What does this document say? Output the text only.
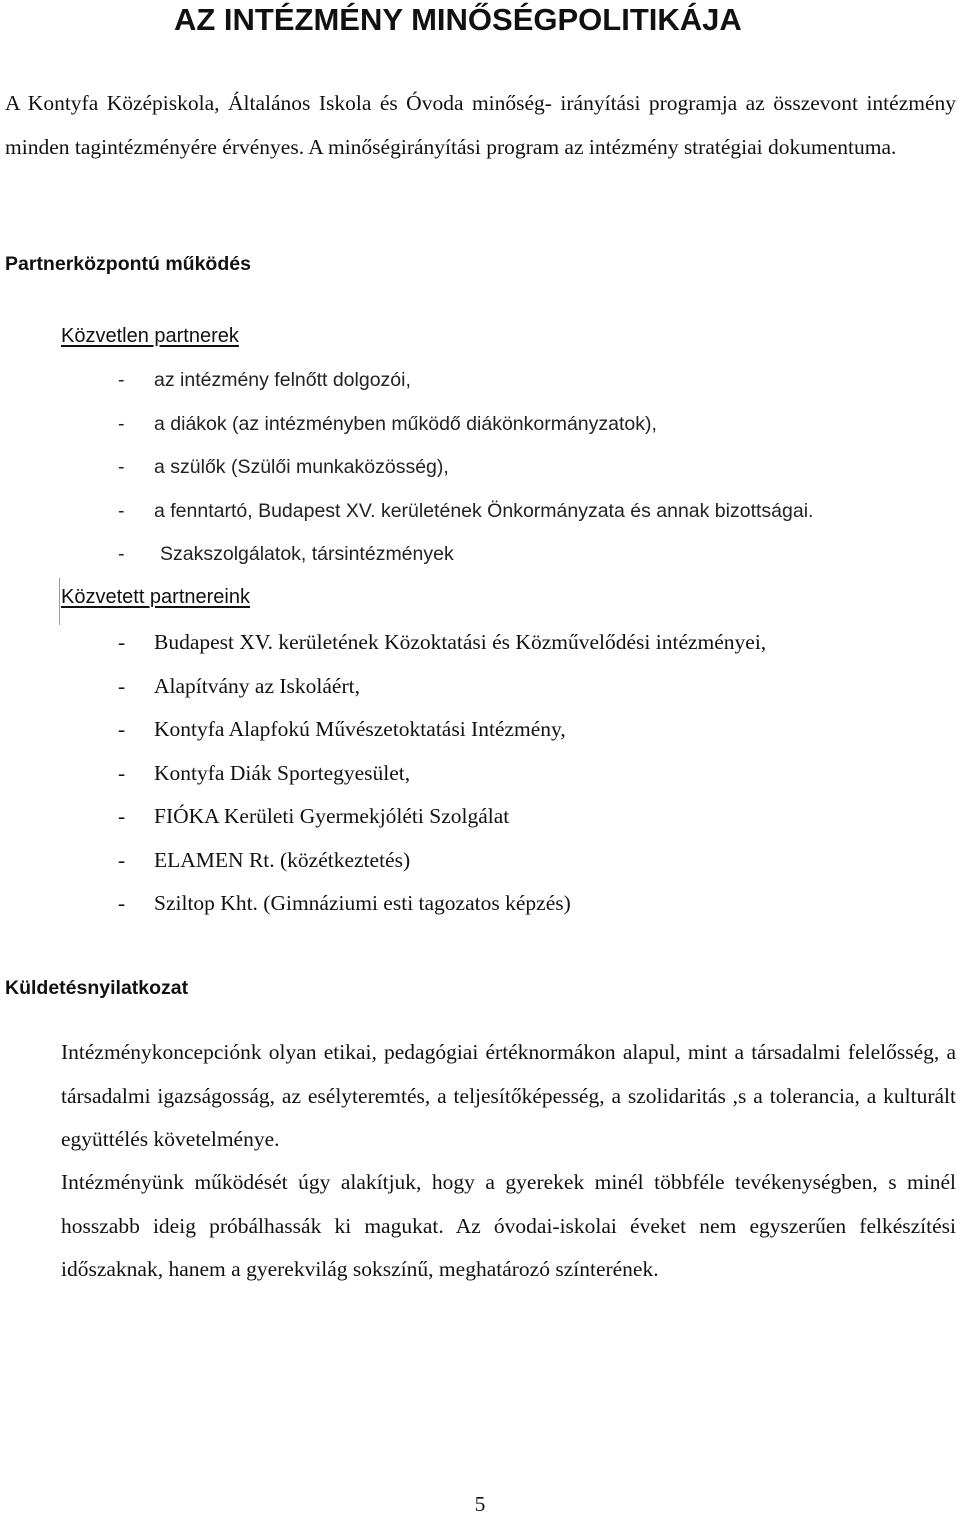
AZ INTÉZMÉNY MINŐSÉGPOLITIKÁJA

A Kontyfa Középiskola, Általános Iskola és Óvoda minőség- irányítási programja az összevont intézmény minden tagintézményére érvényes. A minőségirányítási program az intézmény stratégiai dokumentuma.

Partnerközpontú működés
Közvetlen partnerek
- az intézmény felnőtt dolgozói,
- a diákok (az intézményben működő diákönkormányzatok),
- a szülők (Szülői munkaközösség),
- a fenntartó, Budapest XV. kerületének Önkormányzata és annak bizottságai.
- Szakszolgálatok, társintézmények
Közvetett partnereink
- Budapest XV. kerületének Közoktatási és Közművelődési intézményei,
- Alapítvány az Iskoláért,
- Kontyfa Alapfokú Művészetoktatási Intézmény,
- Kontyfa Diák Sportegyesület,
- FIÓKA Kerületi Gyermekjóléti Szolgálat
- ELAMEN Rt. (közétkeztetés)
- Sziltop Kht. (Gimnáziumi esti tagozatos képzés)
Küldetésnyilatkozat

Intézménykoncepciónk olyan etikai, pedagógiai értéknormákon alapul, mint a társadalmi felelősség, a társadalmi igazságosság, az esélyteremtés, a teljesítőképesség, a szolidaritás ,s a tolerancia, a kulturált együttélés követelménye.

Intézményünk működését úgy alakítjuk, hogy a gyerekek minél többféle tevékenységben, s minél hosszabb ideig próbálhassák ki magukat. Az óvodai-iskolai éveket nem egyszerűen felkészítési időszaknak, hanem a gyerekvilág sokszínű, meghatározó színterének.

5
